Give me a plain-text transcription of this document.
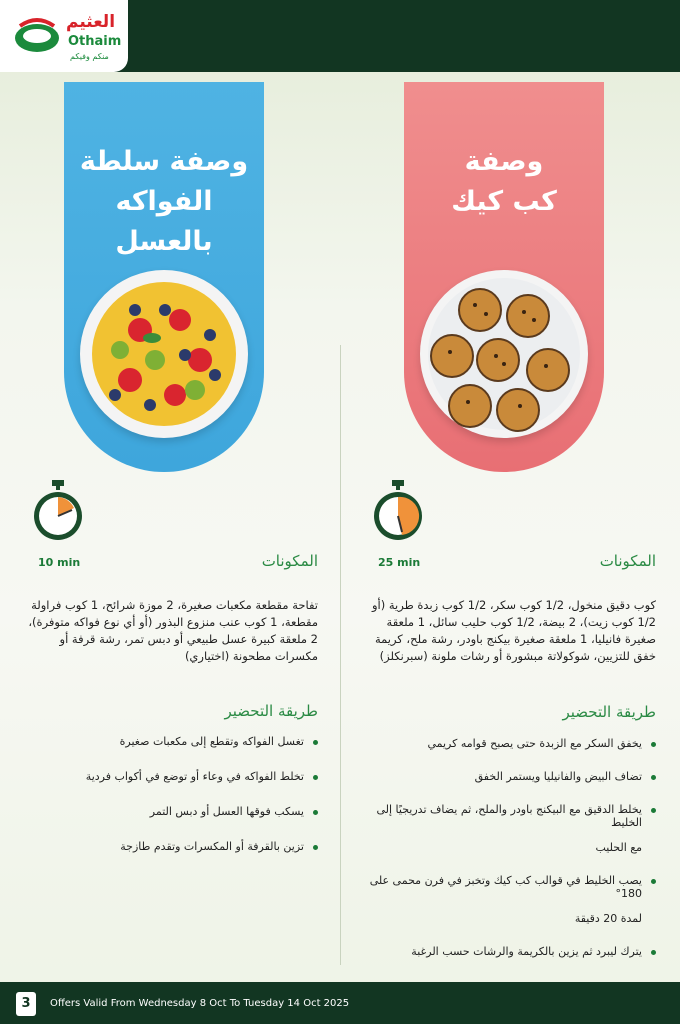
العثيم
Othaim
منكم وفيكم
وصفة سلطة
الفواكه بالعسل
وصفة
كب كيك
10 min	25 min
المكونات
تفاحة مقطعة مكعبات صغيرة، 2 موزة شرائح، 1 كوب فراولة مقطعة، 1 كوب عنب منزوع البذور (أو أي نوع فواكه متوفرة)، 2 ملعقة كبيرة عسل طبيعي أو دبس تمر، رشة قرفة أو مكسرات مطحونة (اختياري)
طريقة التحضير
تغسل الفواكه وتقطع إلى مكعبات صغيرة
تخلط الفواكه في وعاء أو توضع في أكواب فردية
يسكب فوقها العسل أو دبس التمر
تزين بالقرفة أو المكسرات وتقدم طازجة
المكونات
كوب دقيق منخول، 1/2 كوب سكر، 1/2 كوب زبدة طرية (أو 1/2 كوب زيت)، 2 بيضة، 1/2 كوب حليب سائل، 1 ملعقة صغيرة فانيليا، 1 ملعقة صغيرة بيكنج باودر، رشة ملح، كريمة خفق للتزيين، شوكولاتة مبشورة أو رشات ملونة (سبرنكلز)
طريقة التحضير
يخفق السكر مع الزبدة حتى يصبح قوامه كريمي
تضاف البيض والفانيليا ويستمر الخفق
يخلط الدقيق مع البيكنج باودر والملح، ثم يضاف تدريجيًا إلى الخليط
مع الحليب
يصب الخليط في قوالب كب كيك وتخبز في فرن محمى على 180°
لمدة 20 دقيقة
يترك ليبرد ثم يزين بالكريمة والرشات حسب الرغبة
3	Offers Valid From Wednesday 8 Oct To Tuesday 14 Oct 2025
